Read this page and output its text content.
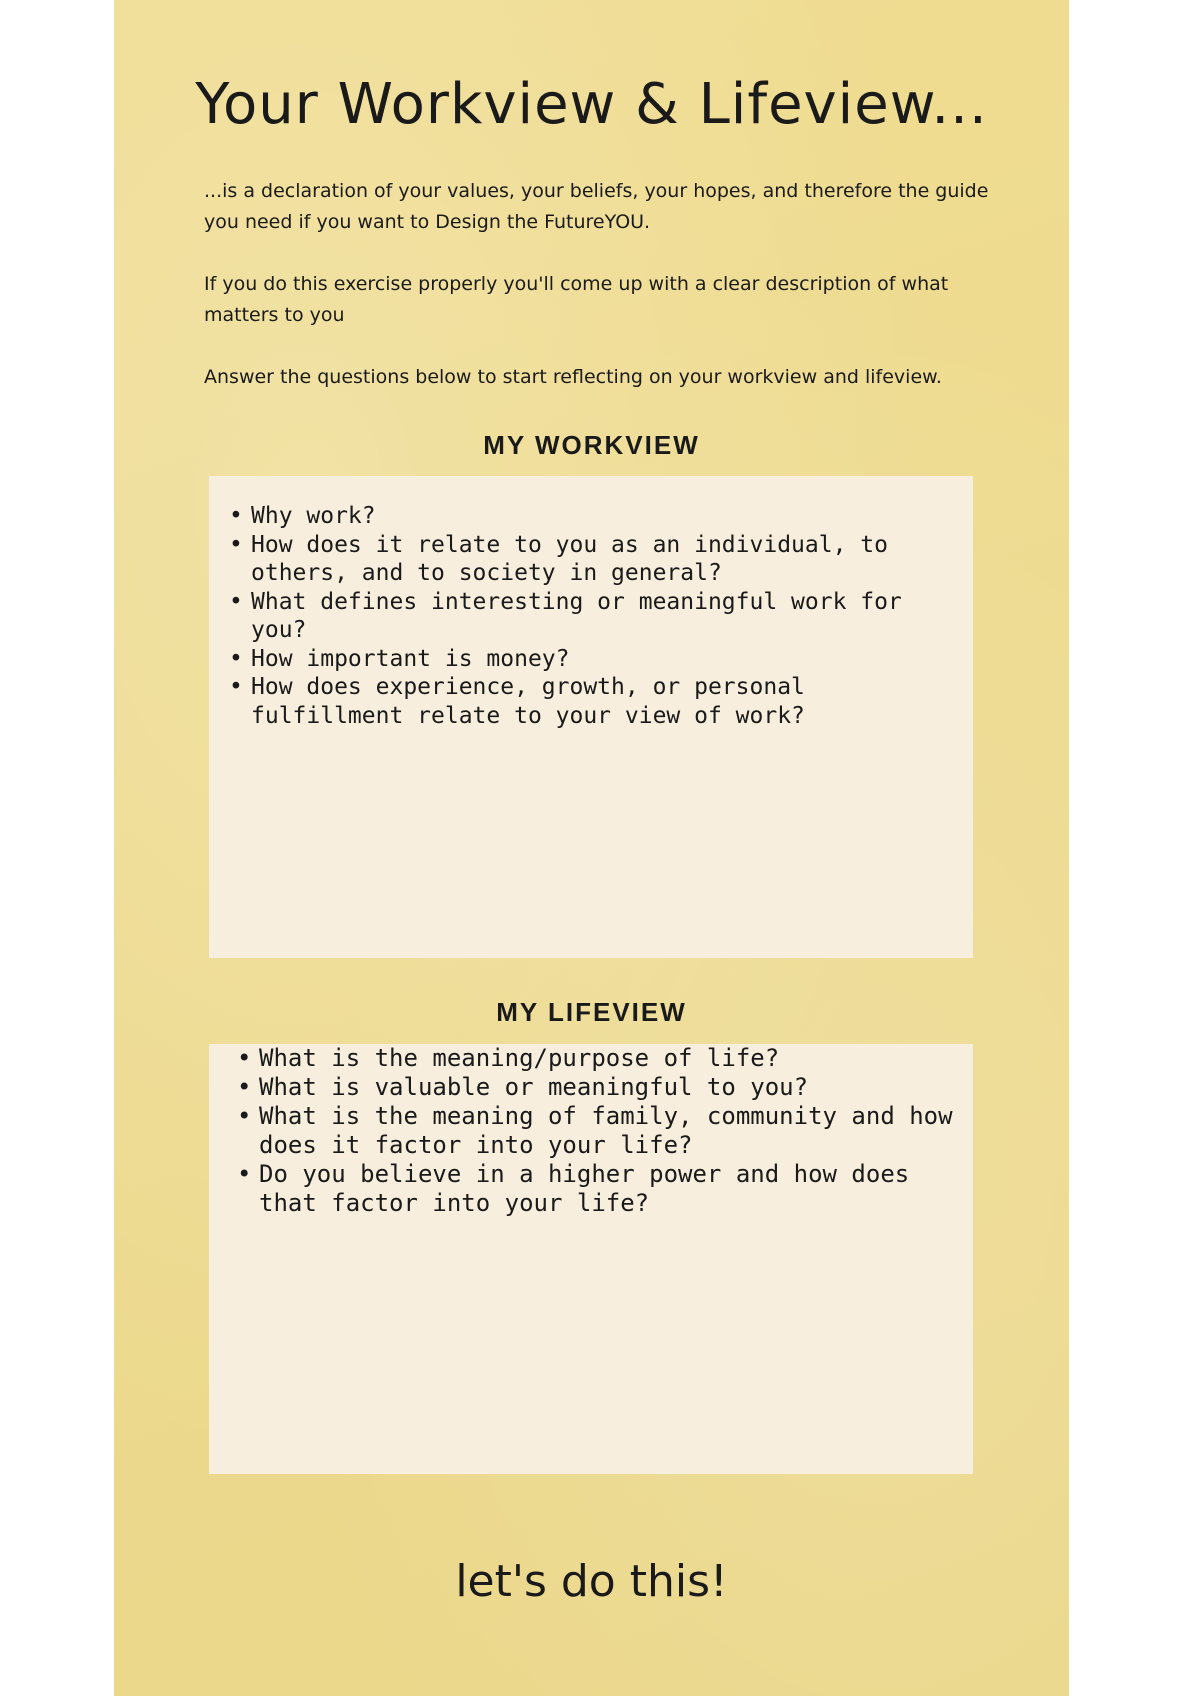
Your Workview & Lifeview...

...is a declaration of your values, your beliefs, your hopes, and therefore the guide you need if you want to Design the FutureYOU.

If you do this exercise properly you'll come up with a clear description of what matters to you

Answer the questions below to start reflecting on your workview and lifeview.

MY WORKVIEW
• Why work?
• How does it relate to you as an individual, to others, and to society in general?
• What defines interesting or meaningful work for you?
• How important is money?
• How does experience, growth, or personal fulfillment relate to your view of work?
MY LIFEVIEW
• What is the meaning/purpose of life?
• What is valuable or meaningful to you?
• What is the meaning of family, community and how does it factor into your life?
• Do you believe in a higher power and how does that factor into your life?

let's do this!
